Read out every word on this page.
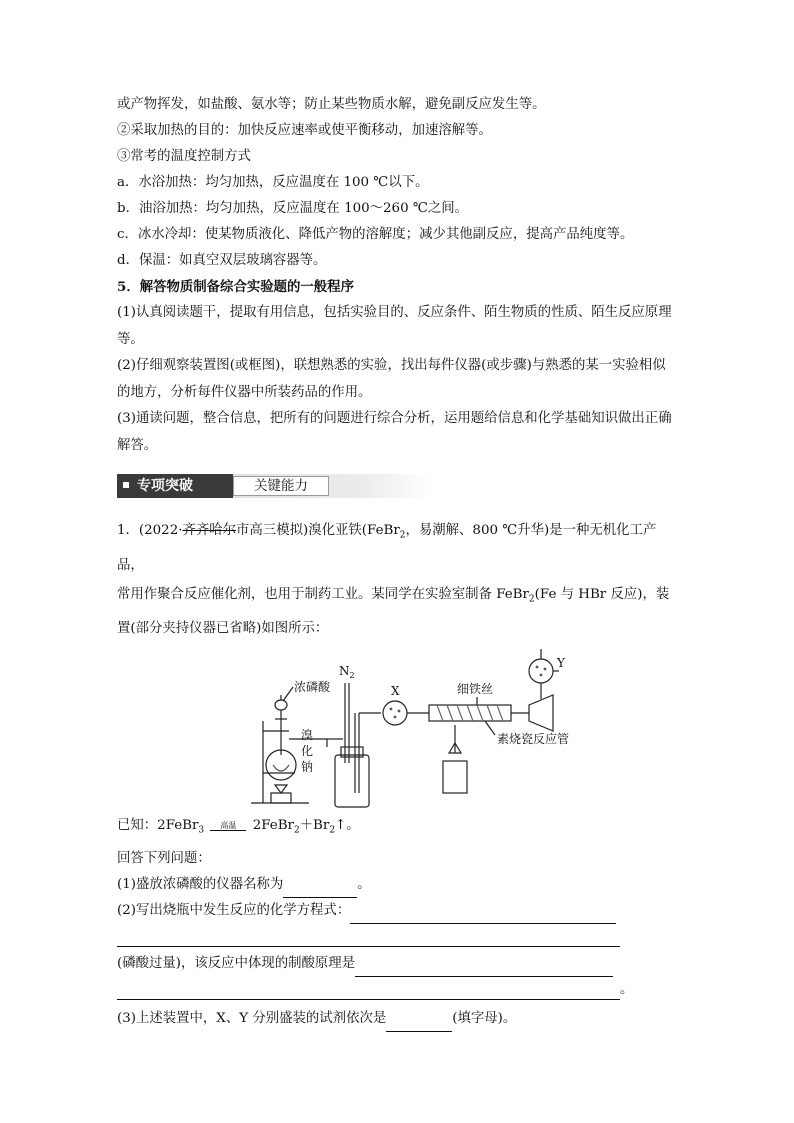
或产物挥发，如盐酸、氨水等；防止某些物质水解，避免副反应发生等。
②采取加热的目的：加快反应速率或使平衡移动，加速溶解等。
③常考的温度控制方式
a．水浴加热：均匀加热，反应温度在 100 ℃以下。
b．油浴加热：均匀加热，反应温度在 100～260 ℃之间。
c．冰水冷却：使某物质液化、降低产物的溶解度；减少其他副反应，提高产品纯度等。
d．保温：如真空双层玻璃容器等。
5．解答物质制备综合实验题的一般程序
(1)认真阅读题干，提取有用信息，包括实验目的、反应条件、陌生物质的性质、陌生反应原理等。
(2)仔细观察装置图(或框图)，联想熟悉的实验，找出每件仪器(或步骤)与熟悉的某一实验相似的地方，分析每件仪器中所装药品的作用。
(3)通读问题，整合信息，把所有的问题进行综合分析，运用题给信息和化学基础知识做出正确解答。
专项突破	关键能力
1．(2022·齐齐哈尔市高三模拟)溴化亚铁(FeBr$_2$，易潮解、800 ℃升华)是一种无机化工产品，
常用作聚合反应催化剂，也用于制药工业。某同学在实验室制备 FeBr$_2$(Fe 与 HBr 反应)，装
置(部分夹持仪器已省略)如图所示：
浓磷酸
$N_2$
X
Y
细铁丝
溴
化
钠
素烧瓷反应管
已知：2FeBr$_3$
高温	$2FeBr_2+Br_2↑$。
回答下列问题：
(1)盛放浓磷酸的仪器名称为	。
(2)写出烧瓶中发生反应的化学方程式：
(磷酸过量)，该反应中体现的制酸原理是
。
(3)上述装置中，X、Y 分别盛装的试剂依次是	(填字母)。
